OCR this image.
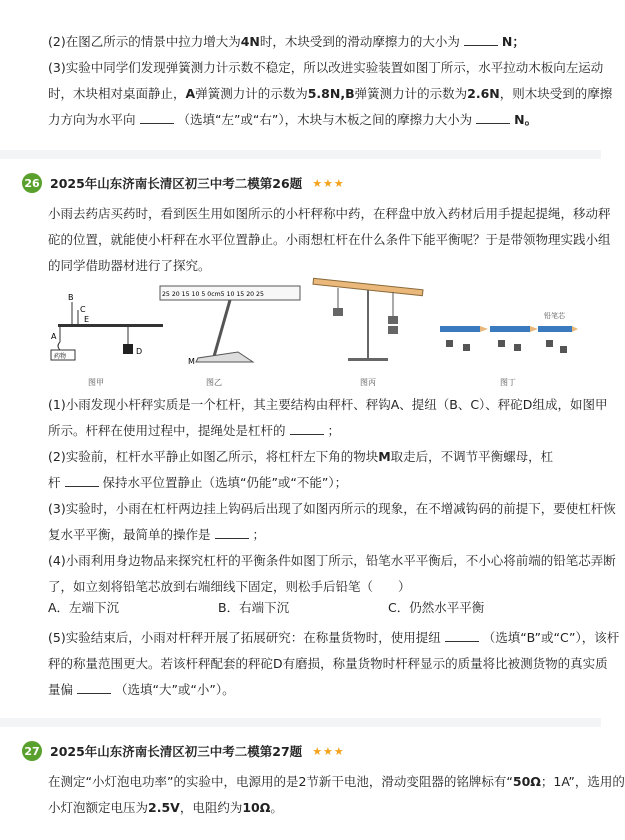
(2)在图乙所示的情景中拉力增大为4N时，木块受到的滑动摩擦力的大小为	N；
(3)实验中同学们发现弹簧测力计示数不稳定，所以改进实验装置如图丁所示，水平拉动木板向左运动
时，木块相对桌面静止，A弹簧测力计的示数为5.8N,B弹簧测力计的示数为2.6N，则木块受到的摩擦
力方向为水平向	（选填“左”或“右”），木块与木板之间的摩擦力大小为	N。
26 2025年山东济南长清区初三中考二模第26题 ★★★
小雨去药店买药时，看到医生用如图所示的小杆秤称中药，在秤盘中放入药材后用手提起提绳，移动秤
砣的位置，就能使小杆秤在水平位置静止。小雨想杠杆在什么条件下能平衡呢？于是带领物理实践小组
的同学借助器材进行了探究。
B
E
C
A
D
药物
25 20 15 10 5 0cm5 10 15 20 25
M
铅笔芯
图甲	图乙	图丙	图丁
(1)小雨发现小杆秤实质是一个杠杆，其主要结构由秤杆、秤钩A、提纽（B、C）、秤砣D组成，如图甲
所示。杆秤在使用过程中，提绳处是杠杆的	；
(2)实验前，杠杆水平静止如图乙所示，将杠杆左下角的物块M取走后，不调节平衡螺母，杠
杆	保持水平位置静止（选填“仍能”或“不能”）；
(3)实验时，小雨在杠杆两边挂上钩码后出现了如图丙所示的现象，在不增减钩码的前提下，要使杠杆恢
复水平平衡，最简单的操作是	；
(4)小雨利用身边物品来探究杠杆的平衡条件如图丁所示，铅笔水平平衡后，不小心将前端的铅笔芯弄断
了，如立刻将铅笔芯放到右端细线下固定，则松手后铅笔（　　）
A．左端下沉	B．右端下沉	C．仍然水平平衡
(5)实验结束后，小雨对杆秤开展了拓展研究：在称量货物时，使用提纽	（选填“B”或“C”），该杆
秤的称量范围更大。若该杆秤配套的秤砣D有磨损，称量货物时杆秤显示的质量将比被测货物的真实质
量偏	（选填“大”或“小”）。
27 2025年山东济南长清区初三中考二模第27题 ★★★
在测定“小灯泡电功率”的实验中，电源用的是2节新干电池，滑动变阻器的铭牌标有“50Ω；1A”，选用的
小灯泡额定电压为2.5V，电阻约为10Ω。
